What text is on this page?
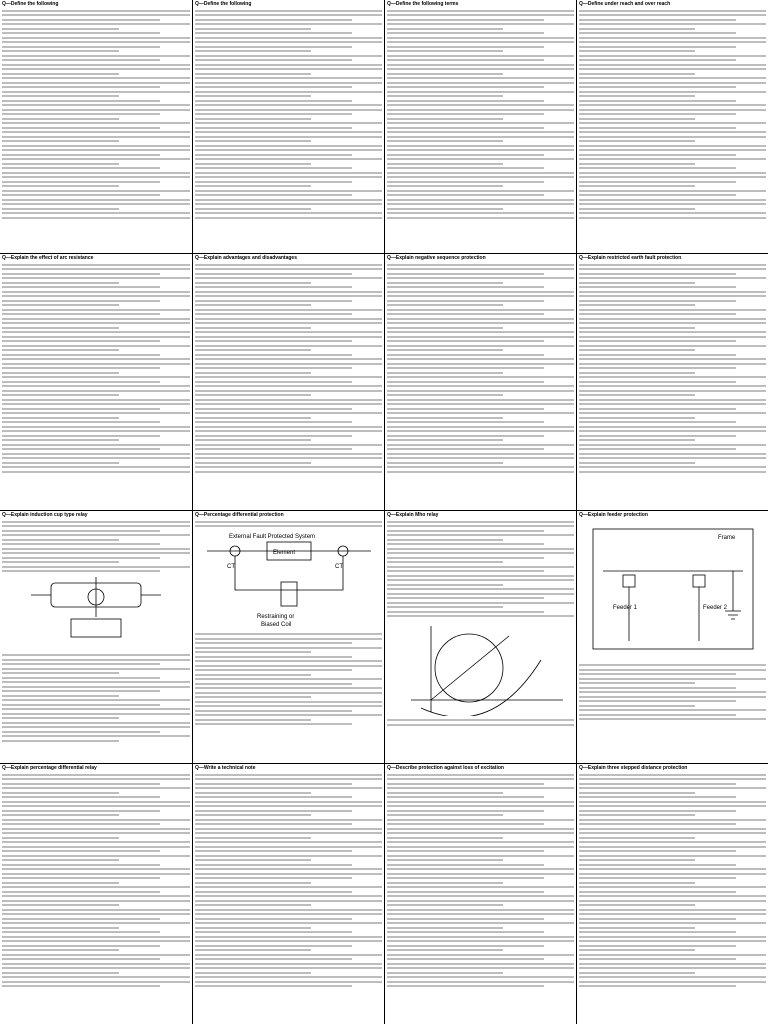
Q— Define the following	Q— Define the following	Q— Define the following terms	Q— Define under reach and over reach
Q— Explain the effect of arc resistance	Q— Explain advantages and disadvantages	Q— Explain negative sequence protection	Q— Explain restricted earth fault protection
Q— Explain induction cup type relay	Q— Percentage differential protection
External Fault Protected System
Element
CT	CT
Restraining or
Biased Coil
Q— Explain Mho relay	Q— Explain feeder protection
Feeder 1	Feeder 2
Frame
Q— Explain percentage differential relay	Q— Write a technical note	Q— Describe protection against loss of excitation	Q— Explain three stepped distance protection
